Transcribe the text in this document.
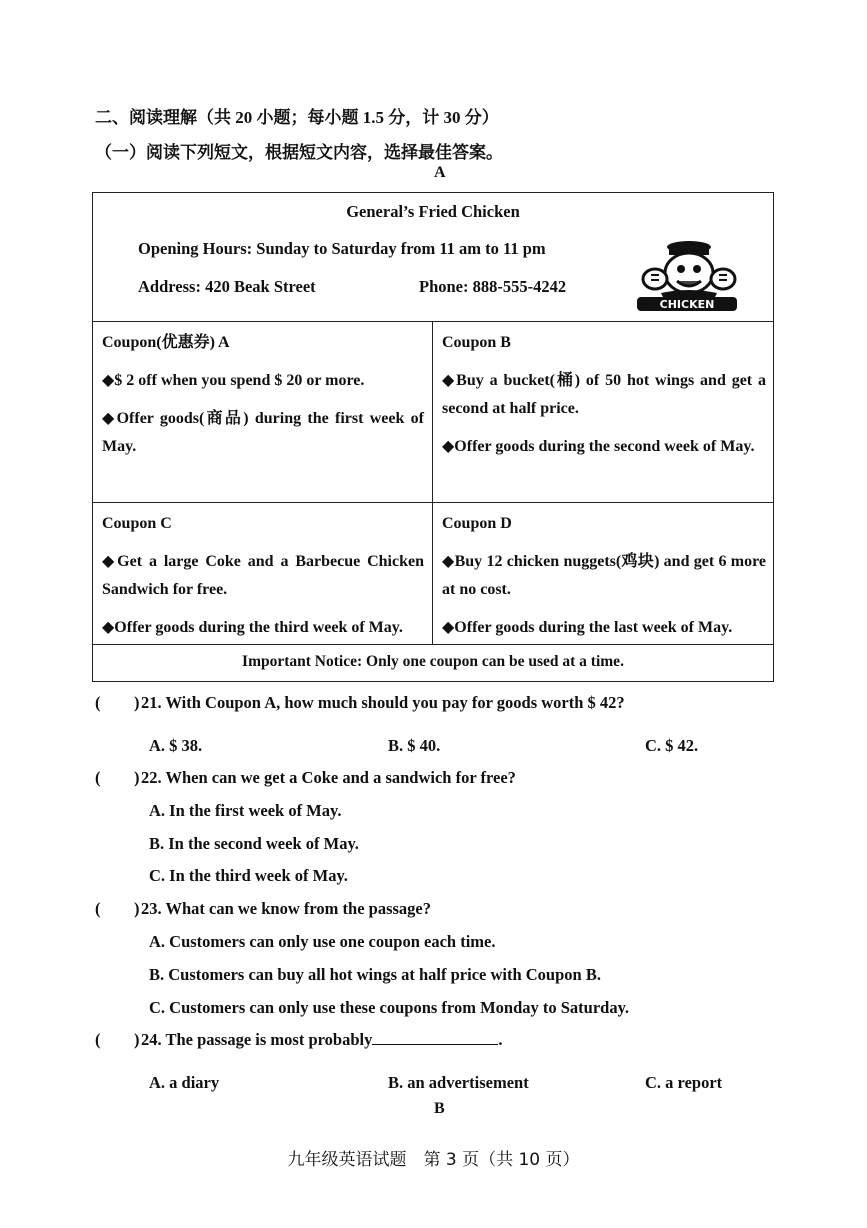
二、阅读理解（共 20 小题；每小题 1.5 分，计 30 分）
（一）阅读下列短文，根据短文内容，选择最佳答案。
A
General’s Fried Chicken
Opening Hours: Sunday to Saturday from 11 am to 11 pm
Address: 420 Beak Street	Phone: 888-555-4242
CHICKEN

Coupon(优惠券) A

◆$ 2 off when you spend $ 20 or more.

◆Offer goods(商品) during the first week of May.

Coupon B

◆Buy a bucket(桶) of 50 hot wings and get a second at half price.

◆Offer goods during the second week of May.

Coupon C

◆Get a large Coke and a Barbecue Chicken Sandwich for free.

◆Offer goods during the third week of May.

Coupon D

◆Buy 12 chicken nuggets(鸡块) and get 6 more at no cost.

◆Offer goods during the last week of May.

Important Notice: Only one coupon can be used at a time.
( ) 21. With Coupon A, how much should you pay for goods worth $ 42?
A. $ 38.	B. $ 40.	C. $ 42.
( ) 22. When can we get a Coke and a sandwich for free?
A. In the first week of May.
B. In the second week of May.
C. In the third week of May.
( ) 23. What can we know from the passage?
A. Customers can only use one coupon each time.
B. Customers can buy all hot wings at half price with Coupon B.
C. Customers can only use these coupons from Monday to Saturday.
( ) 24. The passage is most probably	.
A. a diary	B. an advertisement	C. a report
B
九年级英语试题　第 3 页（共 10 页）
